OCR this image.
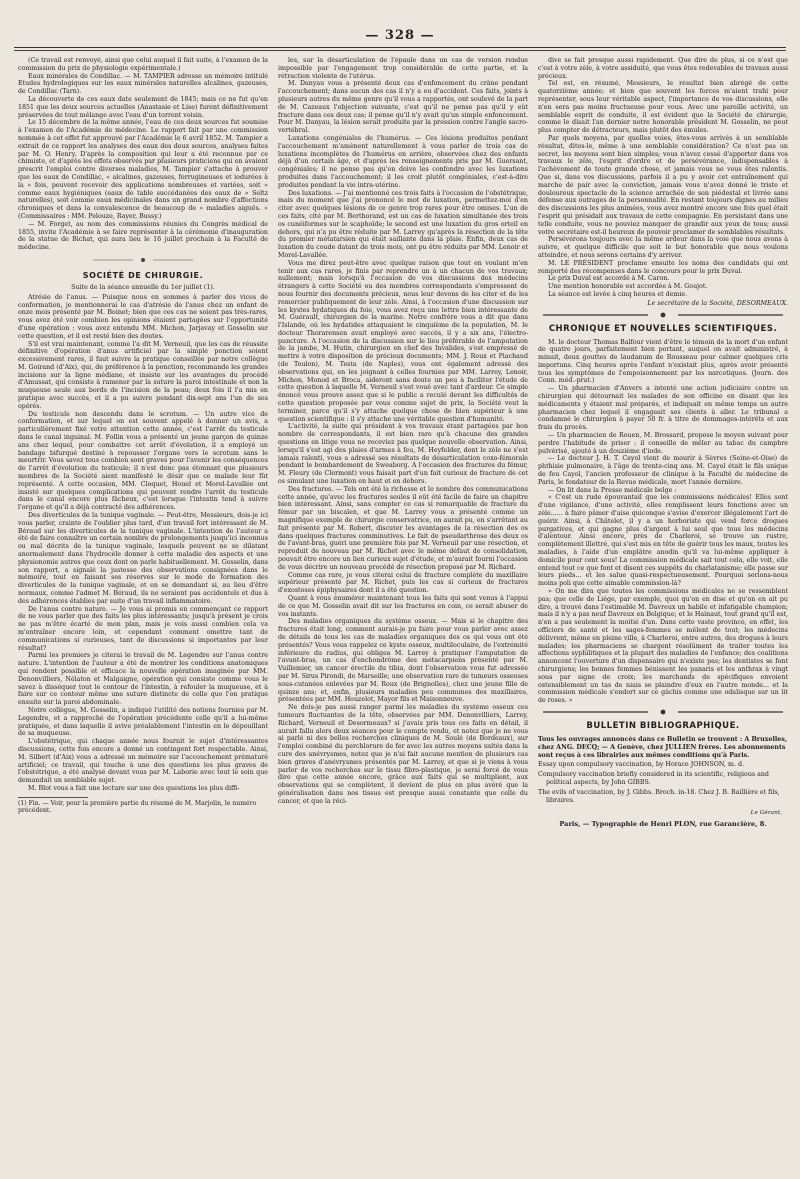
— 328 —

(Ce travail est renvoyé, ainsi que celui auquel il fait suite, à l'examen de la commission du prix de physiologie expérimentale.)

Eaux minérales de Condillac. — M. TAMPIER adresse un mémoire intitulé Etudes hydrologiques sur les eaux minérales naturelles alcalines, gazeuses, de Condillac (Tarn).

La découverte de ces eaux date seulement de 1845; mais ce ne fut qu'en 1851 que les deux sources actuelles (Anastasie et Lise) furent définitivement préservées de tout mélange avec l'eau d'un torrent voisin.

Le 15 décembre de la même année, l'eau de ces deux sources fut soumise à l'examen de l'Académie de médecine. Le rapport fait par une commission nommée à cet effet fut approuvé par l'Académie le 6 avril 1852. M. Tampier a extrait de ce rapport les analyses des eaux des deux sources, analyses faites par M. O. Henry. D'après la composition qui leur a été reconnue par ce chimiste, et d'après les effets observés par plusieurs praticiens qui en avaient prescrit l'emploi contre diverses maladies, M. Tampier s'attache à prouver que les eaux de Condillac, « alcalines, gazeuses, ferrugineuses et iodurées à la » fois, peuvent recevoir des applications nombreuses et variées, soit » comme eaux hygiéniques (eaux de table succédanées des eaux de » Seltz naturelles), soit comme eaux médicinales dans un grand nombre d'affections chroniques et dans la convalescence de beaucoup de » maladies aiguës. » (Commissaires : MM. Pelouze, Rayer, Bussy.)

— M. Forget, au nom des commissions réunies du Congrès médical de 1855, invite l'Académie à se faire représenter à la cérémonie d'inauguration de la statue de Bichat, qui aura lieu le 16 juillet prochain à la Faculté de médecine.

SOCIÉTÉ DE CHIRURGIE.
Suite de la séance annuelle du 1er juillet (1).

Atrésie de l'anus. — Puisque nous en sommes à parler des vices de conformation, je mentionnerai le cas d'atrésie de l'anus chez un enfant de onze mois présenté par M. Boinet; bien que ces cas ne soient pas très-rares, vous avez été voir combien les opinions étaient partagées sur l'opportunité d'une opération : vous avez entendu MM. Michon, Jarjavay et Gosselin sur cette question, et il est resté bien des doutes.

S'il est vrai maintenant, comme l'a dit M. Verneuil, que les cas de réussite définitive d'opération d'anus artificiel par la simple ponction soient excessivement rares, il faut suivre la pratique conseillée par notre collègue M. Goirand (d'Aix), qui, de préférence à la ponction, recommande les grandes incisions sur la ligne médiane, et insiste sur les avantages du procédé d'Amussat, qui consiste à ramener par la suture la paroi intestinale et non la muqueuse seule aux bords de l'incision de la peau; deux fois il l'a mis en pratique avec succès, et il a pu suivre pendant dix-sept ans l'un de ses opérés.

Du testicule non descendu dans le scrotum. — Un autre vice de conformation, et sur lequel on est souvent appelé à donner un avis, a particulièrement fixé votre attention cette année, c'est l'arrêt du testicule dans le canal inguinal. M. Follin vous a présenté un jeune garçon de quinze ans chez lequel, pour combattre cet arrêt d'évolution, il a employé un bandage bifurqué destiné à repousser l'organe vers le scrotum sans le meurtrir. Vous savez tous combien sont graves pour l'avenir les conséquences de l'arrêt d'évolution du testicule; il n'est donc pas étonnant que plusieurs membres de la Société aient manifesté le désir que ce malade leur fût représenté. A cette occasion, MM. Cloquet, Houel et Morel-Lavallée ont insisté sur quelques complications qui peuvent rendre l'arrêt du testicule dans le canal encore plus fâcheux, c'est lorsque l'intestin tend à suivre l'organe et qu'il a déjà contracté des adhérences.

Des diverticules de la tunique vaginale. — Peut-être, Messieurs, dois-je ici vous parler, crainte de l'oublier plus tard, d'un travail fort intéressant de M. Béraud sur les diverticules de la tunique vaginale. L'intention de l'auteur a été de faire connaître un certain nombre de prolongements jusqu'ici inconnus ou mal décrits de la tunique vaginale, lesquels peuvent ne se dilatant anormalement dans l'hydrocèle donner à cette maladie des aspects et une physionomie autres que ceux dont on parle habituellement. M. Gosselin, dans son rapport, a signalé la justesse des observations consignées dans le mémoire, tout en faisant ses réserves sur le mode de formation des diverticules de la tunique vaginale, et en se demandant si, au lieu d'être normaux, comme l'admet M. Béraud, ils ne seraient pas accidentels et dus à des adhérences établies par suite d'un travail inflammatoire.

De l'anus contre nature. — Je vous ai promis en commençant ce rapport de ne vous parler que des faits les plus intéressants; jusqu'à présent je crois ne pas m'être écarté de mon plan, mais je vois aussi combien cela va m'entraîner encore loin, et cependant comment omettre tant de communications si curieuses, tant de discussions si importantes par leur résultat?

Parmi les premiers je citerai le travail de M. Legendre sur l'anus contre nature. L'intention de l'auteur a été de montrer les conditions anatomiques qui rendent possible et efficace la nouvelle opération imaginée par MM. Denonvilliers, Nélaton et Malgaigne, opération qui consiste comme vous le savez à disséquer tout le contour de l'intestin, à refouler la muqueuse, et à faire sur ce contour même une suture distincte de celle que l'on pratique ensuite sur la paroi abdominale.

Notre collègue, M. Gosselin, a indiqué l'utilité des notions fournies par M. Legendre, et a rapproché de l'opération précédente celle qu'il a lui-même pratiquée, et dans laquelle il avive préalablement l'intestin en le dépouillant de sa muqueuse.

L'obstétrique, qui chaque année nous fournit le sujet d'intéressantes discussions, cette fois encore a donné un contingent fort respectable. Ainsi, M. Silbert (d'Aix) vous a adressé un mémoire sur l'accouchement prématuré artificiel; ce travail, qui touche à une des questions les plus graves de l'obstétrique, a été analysé devant vous par M. Laborie avec tout le soin que demandait un semblable sujet.

M. Blot vous a fait une lecture sur une des questions les plus diffi-

(1) Fin. — Voir, pour la première partie du résumé de M. Marjolin, le numéro précédent.

les, sur la désarticulation de l'épaule dans un cas de version rendue impossible par l'engagement trop considérable de cette partie, et la rétraction violente de l'utérus.

M. Danyau vous a présenté deux cas d'enfoncement du crâne pendant l'accouchement; dans aucun des cas il n'y a eu d'accident. Ces faits, joints à plusieurs autres du même genre qu'il vous a rapportés, ont soulevé de la part de M. Cazeaux l'objection suivante, c'est qu'il ne pense pas qu'il y eût fracture dans ces deux cas; il pense qu'il n'y avait qu'un simple enfoncement. Pour M. Danyau, la lésion serait produite par la pression contre l'angle sacro-vertébral.

Luxations congéniales de l'humérus. — Ces lésions produites pendant l'accouchement m'amènent naturellement à vous parler de trois cas de luxations incomplètes de l'humérus en arrière, observées chez des enfants déjà d'un certain âge, et d'après les renseignements pris par M. Guersant, congéniales; il ne pense pas qu'on doive les confondre avec les luxations produites dans l'accouchement; il les croit plutôt congéniales, c'est-à-dire produites pendant la vie intra-utérine.

Des luxations. — J'ai mentionné ces trois faits à l'occasion de l'obstétrique, mais du moment que j'ai prononcé le mot de luxation, permettez-moi d'en citer avec quelques lésions de ce genre trop rares pour être omises. L'un de ces faits, cité par M. Berthorand, est un cas de luxation simultanée des trois os cunéiformes sur le scaphoïde; le second est une luxation du gros orteil en dehors, qui n'a pu être réduite par M. Larrey qu'après la résection de la tête du premier métatarsien qui était saillante dans la plaie. Enfin, deux cas de luxation du coude datant de trois mois, ont pu être réduits par MM. Lenoir et Morel-Lavallée.

Vous me direz peut-être avec quelque raison que tout en voulant m'en tenir aux cas rares, je finis par reprendre un à un chacun de vos travaux; nullement; mais lorsqu'à l'occasion de vos discussions des médecins étrangers à cette Société ou des membres correspondants s'empressent de nous fournir des documents précieux, nous leur devons de les citer et de les remercier publiquement de leur zèle. Ainsi, à l'occasion d'une discussion sur les kystes hydatiques du foie, vous avez reçu une lettre bien intéressante de M. Guérault, chirurgien de la marine. Notre confrère vous a dit que dans l'Islande, où les hydatides attaquaient le cinquième de la population, M. le docteur Thorarensen avait employé avec succès, il y a six ans, l'électro-puncture. A l'occasion de la discussion sur le lieu préférable de l'amputation de la jambe, M. Hutin, chirurgien en chef des Invalides, s'est empressé de mettre à votre disposition de précieux documents; MM. J. Roux et Piachaud (de Toulon), M. Testa (de Naples), vous ont également adressé des observations qui, en les joignant à celles fournies par MM. Larrey, Lenoir, Michon, Monod et Broca, aideront sans doute un peu à faciliter l'étude de cette question à laquelle M. Verneuil s'est voué avec tant d'ardeur. Ce simple énoncé vous prouve assez que si le public a reculé devant les difficultés de cette question proposée par vous comme sujet de prix, la Société veut la terminer, parce qu'il s'y attache quelque chose de bien supérieur à une question scientifique : il s'y attache une véritable question d'humanité.

L'activité, la suite qui président à vos travaux étant partagées par bon nombre de correspondants, il est bien rare qu'à chacune des grandes questions en litige vous ne receviez pas quelque nouvelle observation. Ainsi, lorsqu'il s'est agi des plaies d'armes à feu, M. Heyfelder, dont le zèle ne s'est jamais ralenti, vous a adressé ses résultats de désarticulation coxo-fémorale pendant le bombardement de Sweaborg. A l'occasion des fractures du fémur, M. Fleury (de Clermont) vous faisait part d'un fait curieux de fracture de cet os simulant une luxation en haut et en dehors.

Des fractures. — Tels ont été la richesse et le nombre des communications cette année, qu'avec les fractures seules il eût été facile de faire un chapitre bien intéressant. Ainsi, sans compter ce cas si remarquable de fracture du fémur par un biscaïen, et que M. Larrey vous a présenté comme un magnifique exemple de chirurgie conservatrice, on aurait pu, en s'arrêtant au fait présenté par M. Robert, discuter les avantages de la résection des os dans quelques fractures comminutives. Le fait de pseudarthrose des deux os de l'avant-bras, guéri une première fois par M. Verneuil par une résection, et reproduit de nouveau par M. Richet avec le même défaut de consolidation, pouvait être encore un lien curieux sujet d'étude, et m'aurait fourni l'occasion de vous décrire un nouveau procédé de résection proposé par M. Richard.

Comme cas rare, je vous citerai celui de fracture complète du maxillaire supérieur présenté par M. Richet, puis les cas si curieux de fractures d'exostoses épiphysaires dont il a été question.

Quant à vous énumérer maintenant tous les faits qui sont venus à l'appui de ce que M. Gosselin avait dit sur les fractures en coin, ce serait abuser de vos instants.

Des maladies organiques du système osseux. — Mais si le chapitre des fractures était long, comment aurais-je pu faire pour vous parler avec assez de détails de tous les cas de maladies organiques des os qui vous ont été présentés? Vous vous rappelez ce kyste osseux, multiloculaire, de l'extrémité inférieure du radius, qui obligea M. Larrey à pratiquer l'amputation de l'avant-bras, un cas d'enchondrôme des métacarpiens présenté par M. Vuillemier, un cancer érectile du tibia, dont l'observation vous fut adressée par M. Sirus Pirondi, de Marseille; une observation rare de tumeurs osseuses sous-cutanées enlevées par M. Roux (de Brignolles), chez une jeune fille de quinze ans; et, enfin, plusieurs maladies peu communes des maxillaires, présentées par MM. Houzelot, Mayor fils et Maisonneuve.

Ne dois-je pas aussi ranger parmi les maladies du système osseux ces tumeurs fluctuantes de la tête, observées par MM. Denonvilliers, Larrey, Richard, Verneuil et Desormeaux? si j'avais pris tous ces faits en détail, il aurait fallu alors deux séances pour le compte rendu, et notez que je ne vous ai parlé ni des belles recherches cliniques de M. Soulé (de Bordeaux), sur l'emploi combiné du perchlorure de fer avec les autres moyens usités dans la cure des anévrysmes, notez que je n'ai fait aucune mention de plusieurs cas bien graves d'anévrysmes présentés par M. Larrey, et que si je viens à vous parler de vos recherches sur le tissu fibro-plastique, je serai forcé de vous dire que cette année encore, grâce aux faits qui se multiplient, aux observations qui se complètent, il devient de plus en plus avéré que la généralisation dans nos tissus est presque aussi constante que celle du cancer, et que la réci-

dive se fait presque aussi rapidement. Que dire de plus, si ce n'est que c'est à votre zèle, à votre assiduité, que vous êtes redevables de travaux aussi précieux.

Tel est, en résumé, Messieurs, le résultat bien abrégé de cette quatorzième année; et bien que souvent les forces m'aient trahi pour représenter, sous leur véritable aspect, l'importance de vos discussions, elle n'en sera pas moins fructueuse pour vous. Avec une pareille activité, un semblable esprit de conduite, il est évident que la Société de chirurgie, comme le disait l'an dernier notre honorable président M. Gosselin, ne peut plus compter de détracteurs, mais plutôt des émules.

Par quels moyens, par quelles voies, êtes-vous arrivés à un semblable résultat, dites-le, même à une semblable considération? Ce n'est pas un secret, les moyens sont bien simples; vous n'avez cessé d'apporter dans vos travaux le zèle, l'esprit d'ordre et de persévérance, indispensables à l'achèvement de toute grande chose, et jamais vous ne vous êtes ralentis. Que si, dans vos discussions, parfois il a pu y avoir cet entraînement qui marche de pair avec la conviction, jamais vous n'avez donné le triste et douloureux spectacle de la science arrachée de son piédestal et livrée sans défense aux outrages de la personnalité. En restant toujours dignes au milieu des discussions les plus animées, vous avez montré encore une fois quel était l'esprit qui présidait aux travaux de cette compagnie. En persistant dans une telle conduite, vous ne pouviez manquer de grandir aux yeux de tous; aussi votre secrétaire est-il heureux de pouvoir proclamer de semblables résultats.

Persévérons toujours avec la même ardeur dans la voie que nous avons à suivre, et quelque difficile que soit le but honorable que nous voulons atteindre, et nous serons certains d'y arriver.

M. LE PRÉSIDENT proclame ensuite les noms des candidats qui ont remporté des récompenses dans le concours pour le prix Duval.

Le prix Duval est accordé à M. Caron.

Une mention honorable est accordée à M. Goujot.

La séance est levée à cinq heures et demie.

Le secrétaire de la Société, DESORMEAUX.

CHRONIQUE ET NOUVELLES SCIENTIFIQUES.

M. le docteur Thomas Balfour vient d'être le témoin de la mort d'un enfant de quatre jours, parfaitement bien portant, auquel on avait administré, à minuit, deux gouttes de laudanum de Rousseau pour calmer quelques cris importuns. Cinq heures après l'enfant n'existait plus, après avoir présenté tous les symptômes de l'empoisonnement par les narcotiques. (Journ. des Conn. méd.-prat.)

— Un pharmacien d'Anvers a intenté une action judiciaire contre un chirurgien qui détournait les malades de son officine en disant que les médicaments y étaient mal préparés, et indiquait en même temps un autre pharmacien chez lequel il engageait ses clients à aller. Le tribunal a condamné le chirurgien à payer 50 fr. à titre de dommages-intérêts et aux frais du procès.

— Un pharmacien de Rouen, M. Brossard, propose le moyen suivant pour perdre l'habitude de priser : il conseille de mêler au tabac du camphre pulvérisé, ajouté à un douzième d'iode.

— Le docteur J. H. T. Cayol vient de mourir à Sèvres (Seine-et-Oise) de phthisie pulmonaire, à l'âge de trente-cinq ans. M. Cayol était le fils unique de feu Cayol, l'ancien professeur de clinique à la Faculté de médecine de Paris, le fondateur de la Revue médicale, mort l'année dernière.

— On lit dans la Presse médicale belge :

« C'est un rude épouvantail que les commissions médicales! Elles sont d'une vigilance, d'une activité, elles remplissent leurs fonctions avec un zèle...... à faire pâmer d'aise quiconque s'avise d'exercer illégalement l'art de guérir. Ainsi, à Châtelet, il y a un herboriste qui vend force drogues purgatives, et qui gagne plus d'argent à lui seul que tous les médecins d'alentour. Ainsi encore, près de Charleroi, se trouve un rustre, complètement illettré, qui s'est mis en tête de guérir tous les maux, toutes les maladies, à l'aide d'un emplâtre anodin qu'il va lui-même appliquer à domicile pour cent sous! La commission médicale sait tout cela, elle voit, elle entend tout ce que font et disent ces suppôts du charlatanisme; elle passe sur leurs pieds... et les salue quasi-respectueusement. Pourquoi serions-nous moins poli que cette aimable commission-là?

» On me dira que toutes les commissions médicales ne se ressemblent pas; que celle de Liége, par exemple, quoi qu'on en dise et qu'on en ait pu dire, a trouvé dans l'estimable M. Davreux un habile et infatigable champion; mais il n'y a pas neuf Davreux en Belgique; et le Hainaut, tout grand qu'il est, n'en a pas seulement la moitié d'un. Dans cette vaste province, en effet, les officiers de santé et les sages-femmes se mêlent de tout; les médecins délivrent, même en pleine ville, à Charleroi, entre autres, des drogues à leurs malades; les pharmaciens se chargent résolûment de traiter toutes les affections syphilitiques et la plupart des maladies de l'enfance; des coalitions annoncent l'ouverture d'un dispensaire qui n'existe pas; les dentistes se font chirurgiens; les bonnes femmes bénissent les panaris et les anthrax à vingt sous par signe de croix; les marchands de spécifiques envoient ostensiblement un tas de niais se plaindre d'eux en l'autre monde... et la commission médicale s'endort sur ce gâchis comme une odalisque sur un lit de roses. »

BULLETIN BIBLIOGRAPHIQUE.

Tous les ouvrages annoncés dans ce Bulletin se trouvent : A Bruxelles, chez ANG. DECQ; — A Genève, chez JULLIEN frères. Les abonnements sont reçus à ces librairies aux mêmes conditions qu'à Paris.

Essay upon compulsory vaccination, by Horace JOHNSON, m. d.

Compulsory vaccination briefly considered in its scientific, religious and political aspects, by John GIBBS.

The evils of vaccination, by J. Gibbs. Broch. in-18. Chez J. B. Baillière et fils, libraires.

Le Gérant,

Paris, — Typographie de Henri PLON, rue Garancière, 8.
